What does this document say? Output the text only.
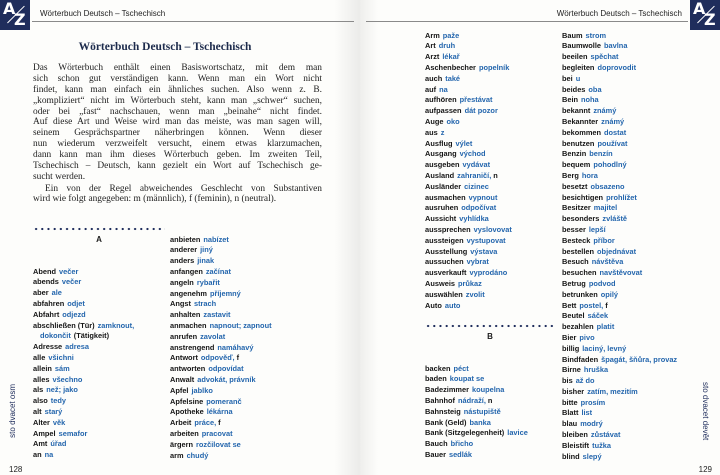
A
Z Wörterbuch Deutsch – Tschechisch
Wörterbuch Deutsch – Tschechisch
Das Wörterbuch enthält einen Basiswortschatz, mit dem man
sich schon gut verständigen kann. Wenn man ein Wort nicht
findet, kann man einfach ein ähnliches suchen. Also wenn z. B.
„kompliziert“ nicht im Wörterbuch steht, kann man „schwer“ suchen,
oder bei „fast“ nachschauen, wenn man „beinahe“ nicht findet.
Auf diese Art und Weise wird man das meiste, was man sagen will,
seinem Gesprächspartner näherbringen können. Wenn dieser
nun wiederum verzweifelt versucht, einem etwas klarzumachen,
dann kann man ihm dieses Wörterbuch geben. Im zweiten Teil,
Tschechisch – Deutsch, kann gezielt ein Wort auf Tschechisch ge-
sucht werden.
Ein von der Regel abweichendes Geschlecht von Substantiven
wird wie folgt angegeben: m (männlich), f (feminin), n (neutral).
A
Abend večer
abends večer
aber ale
abfahren odjet
Abfahrt odjezd
abschließen (Tür) zamknout,
dokončit (Tätigkeit)
Adresse adresa
alle všichni
allein sám
alles všechno
als než; jako
also tedy
alt starý
Alter věk
Ampel semafor
Amt úřad
an na
anbieten nabízet
anderer jiný
anders jinak
anfangen začínat
angeln rybařit
angenehm příjemný
Angst strach
anhalten zastavit
anmachen napnout; zapnout
anrufen zavolat
anstrengend namáhavý
Antwort odpověď, f
antworten odpovídat
Anwalt advokát, právník
Apfel jablko
Apfelsine pomeranč
Apotheke lékárna
Arbeit práce, f
arbeiten pracovat
ärgern rozčilovat se
arm chudý
sto dvacet osm
128
A
Z
Wörterbuch Deutsch – Tschechisch
Arm paže
Art druh
Arzt lékař
Aschenbecher popelník
auch také
auf na
aufhören přestávat
aufpassen dát pozor
Auge oko
aus z
Ausflug výlet
Ausgang východ
ausgeben vydávat
Ausland zahraničí, n
Ausländer cizinec
ausmachen vypnout
ausruhen odpočívat
Aussicht vyhlídka
aussprechen vyslovovat
aussteigen vystupovat
Ausstellung výstava
aussuchen vybrat
ausverkauft vyprodáno
Ausweis průkaz
auswählen zvolit
Auto auto
B
backen péct
baden koupat se
Badezimmer koupelna
Bahnhof nádraží, n
Bahnsteig nástupiště
Bank (Geld) banka
Bank (Sitzgelegenheit) lavice
Bauch břicho
Bauer sedlák
Baum strom
Baumwolle bavlna
beeilen spěchat
begleiten doprovodit
bei u
beides oba
Bein noha
bekannt známý
Bekannter známý
bekommen dostat
benutzen používat
Benzin benzín
bequem pohodlný
Berg hora
besetzt obsazeno
besichtigen prohlížet
Besitzer majitel
besonders zvláště
besser lepší
Besteck příbor
bestellen objednávat
Besuch návštěva
besuchen navštěvovat
Betrug podvod
betrunken opilý
Bett postel, f
Beutel sáček
bezahlen platit
Bier pivo
billig laciný, levný
Bindfaden špagát, šňůra, provaz
Birne hruška
bis až do
bisher zatím, mezitím
bitte prosím
Blatt list
blau modrý
bleiben zůstávat
Bleistift tužka
blind slepý
sto dvacet devět
129
